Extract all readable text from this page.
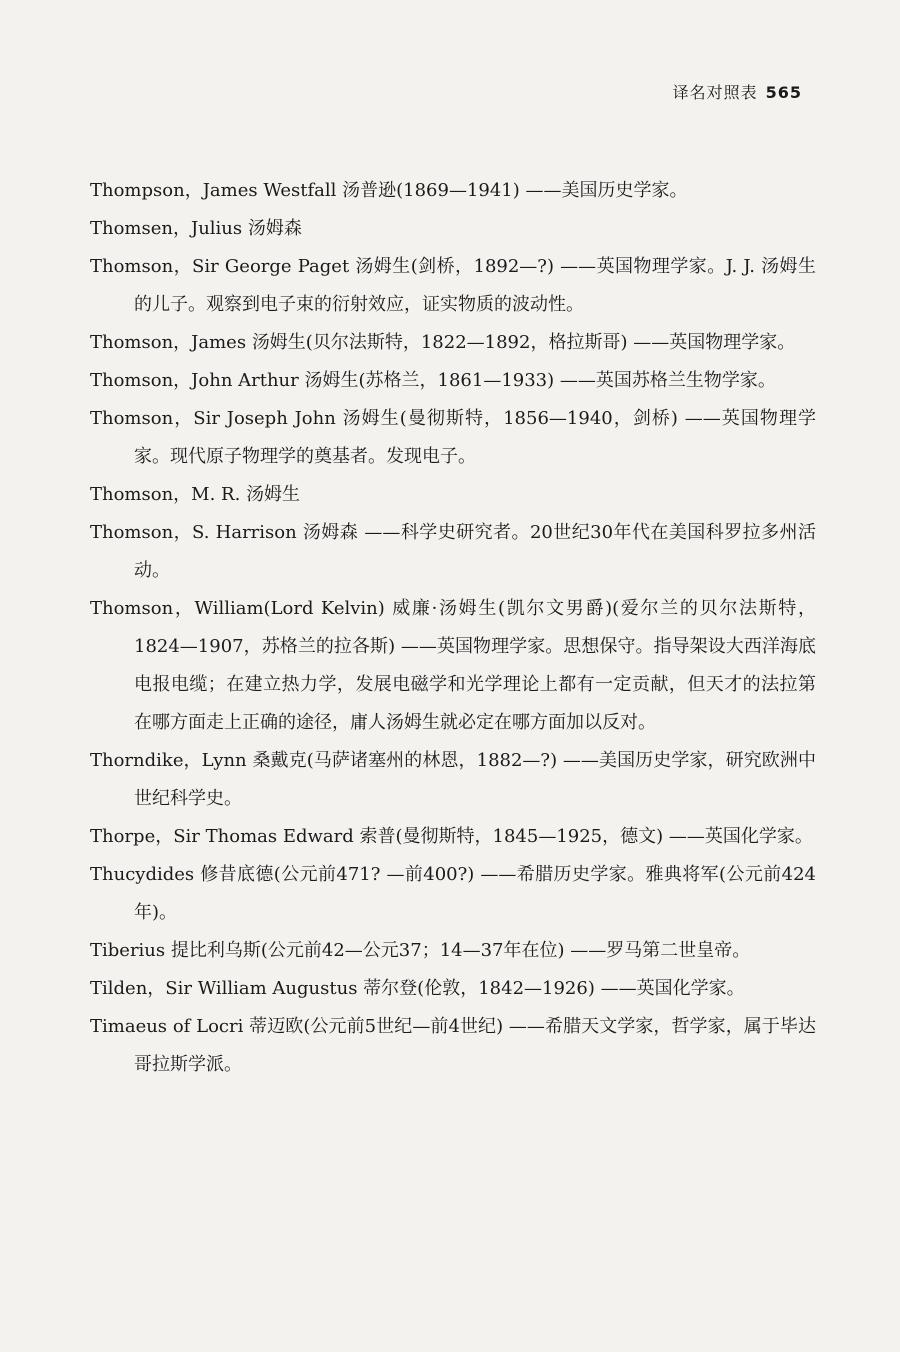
译名对照表 565

Thompson，James Westfall 汤普逊(1869—1941) ——美国历史学家。

Thomsen，Julius 汤姆森

Thomson，Sir George Paget 汤姆生(剑桥，1892—?) ——英国物理学家。J. J. 汤姆生的儿子。观察到电子束的衍射效应，证实物质的波动性。

Thomson，James 汤姆生(贝尔法斯特，1822—1892，格拉斯哥) ——英国物理学家。

Thomson，John Arthur 汤姆生(苏格兰，1861—1933) ——英国苏格兰生物学家。

Thomson，Sir Joseph John 汤姆生(曼彻斯特，1856—1940，剑桥) ——英国物理学家。现代原子物理学的奠基者。发现电子。

Thomson，M. R. 汤姆生

Thomson，S. Harrison 汤姆森 ——科学史研究者。20世纪30年代在美国科罗拉多州活动。

Thomson，William(Lord Kelvin) 威廉·汤姆生(凯尔文男爵)(爱尔兰的贝尔法斯特，1824—1907，苏格兰的拉各斯) ——英国物理学家。思想保守。指导架设大西洋海底电报电缆；在建立热力学，发展电磁学和光学理论上都有一定贡献，但天才的法拉第在哪方面走上正确的途径，庸人汤姆生就必定在哪方面加以反对。

Thorndike，Lynn 桑戴克(马萨诸塞州的林恩，1882—?) ——美国历史学家，研究欧洲中世纪科学史。

Thorpe，Sir Thomas Edward 索普(曼彻斯特，1845—1925，德文) ——英国化学家。

Thucydides 修昔底德(公元前471? —前400?) ——希腊历史学家。雅典将军(公元前424年)。

Tiberius 提比利乌斯(公元前42—公元37；14—37年在位) ——罗马第二世皇帝。

Tilden，Sir William Augustus 蒂尔登(伦敦，1842—1926) ——英国化学家。

Timaeus of Locri 蒂迈欧(公元前5世纪—前4世纪) ——希腊天文学家，哲学家，属于毕达哥拉斯学派。
